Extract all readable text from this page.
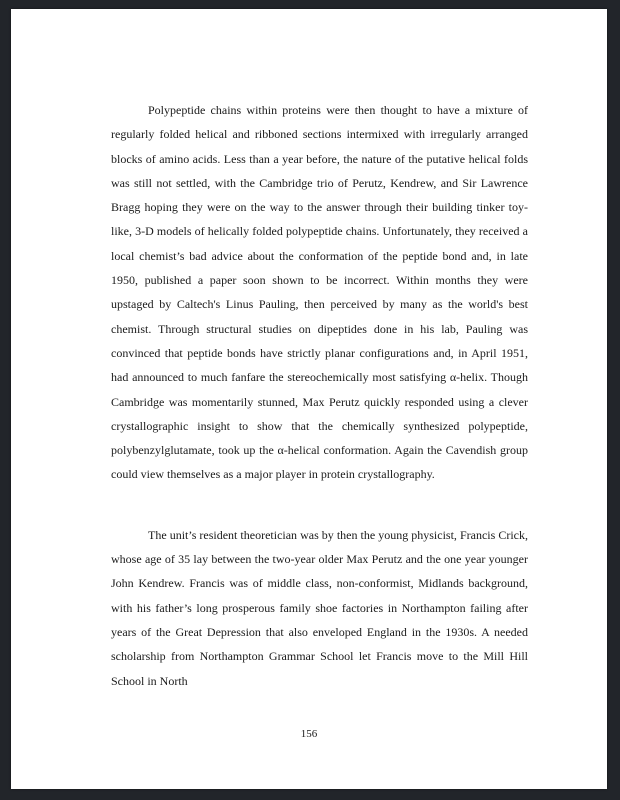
Polypeptide chains within proteins were then thought to have a mixture of regularly folded helical and ribboned sections intermixed with irregularly arranged blocks of amino acids. Less than a year before, the nature of the putative helical folds was still not settled, with the Cambridge trio of Perutz, Kendrew, and Sir Lawrence Bragg hoping they were on the way to the answer through their building tinker toy-like, 3-D models of helically folded polypeptide chains. Unfortunately, they received a local chemist’s bad advice about the conformation of the peptide bond and, in late 1950, published a paper soon shown to be incorrect. Within months they were upstaged by Caltech's Linus Pauling, then perceived by many as the world's best chemist. Through structural studies on dipeptides done in his lab, Pauling was convinced that peptide bonds have strictly planar configurations and, in April 1951, had announced to much fanfare the stereochemically most satisfying α-helix. Though Cambridge was momentarily stunned, Max Perutz quickly responded using a clever crystallographic insight to show that the chemically synthesized polypeptide, polybenzylglutamate, took up the α-helical conformation. Again the Cavendish group could view themselves as a major player in protein crystallography.

The unit’s resident theoretician was by then the young physicist, Francis Crick, whose age of 35 lay between the two-year older Max Perutz and the one year younger John Kendrew. Francis was of middle class, non-conformist, Midlands background, with his father’s long prosperous family shoe factories in Northampton failing after years of the Great Depression that also enveloped England in the 1930s. A needed scholarship from Northampton Grammar School let Francis move to the Mill Hill School in North

156
